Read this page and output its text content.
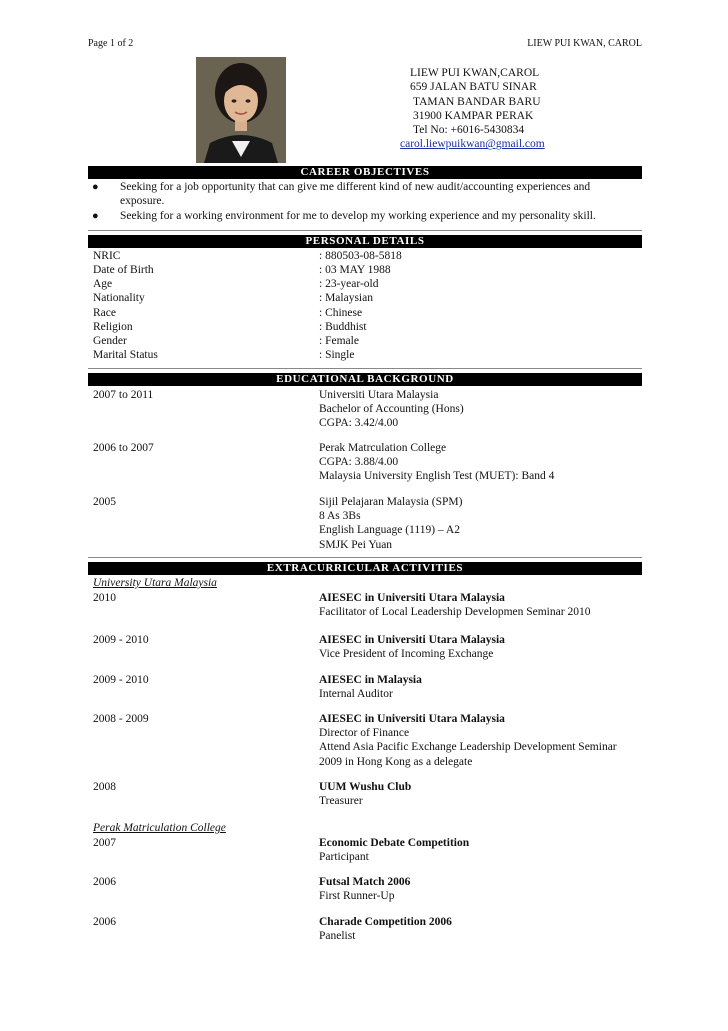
Page 1 of 2	LIEW PUI KWAN, CAROL
LIEW PUI KWAN,CAROL
659 JALAN BATU SINAR
TAMAN BANDAR BARU
31900 KAMPAR PERAK
Tel No: +6016-5430834
carol.liewpuikwan@gmail.com
CAREER OBJECTIVES
● Seeking for a job opportunity that can give me different kind of new audit/accounting experiences and exposure.
● Seeking for a working environment for me to develop my working experience and my personality skill.
PERSONAL DETAILS
NRIC	: 880503-08-5818
Date of Birth	: 03 MAY 1988
Age	: 23-year-old
Nationality	: Malaysian
Race	: Chinese
Religion	: Buddhist
Gender	: Female
Marital Status	: Single
EDUCATIONAL BACKGROUND
2007 to 2011	Universiti Utara Malaysia
Bachelor of Accounting (Hons)
CGPA: 3.42/4.00
2006 to 2007	Perak Matrculation College
CGPA: 3.88/4.00
Malaysia University English Test (MUET): Band 4
2005	Sijil Pelajaran Malaysia (SPM)
8 As 3Bs
English Language (1119) – A2
SMJK Pei Yuan
EXTRACURRICULAR ACTIVITIES
University Utara Malaysia
2010	AIESEC in Universiti Utara Malaysia
Facilitator of Local Leadership Developmen Seminar 2010
2009 - 2010	AIESEC in Universiti Utara Malaysia
Vice President of Incoming Exchange
2009 - 2010	AIESEC in Malaysia
Internal Auditor
2008 - 2009	AIESEC in Universiti Utara Malaysia
Director of Finance
Attend Asia Pacific Exchange Leadership Development Seminar
2009 in Hong Kong as a delegate
2008	UUM Wushu Club
Treasurer
Perak Matriculation College
2007	Economic Debate Competition
Participant
2006	Futsal Match 2006
First Runner-Up
2006	Charade Competition 2006
Panelist
